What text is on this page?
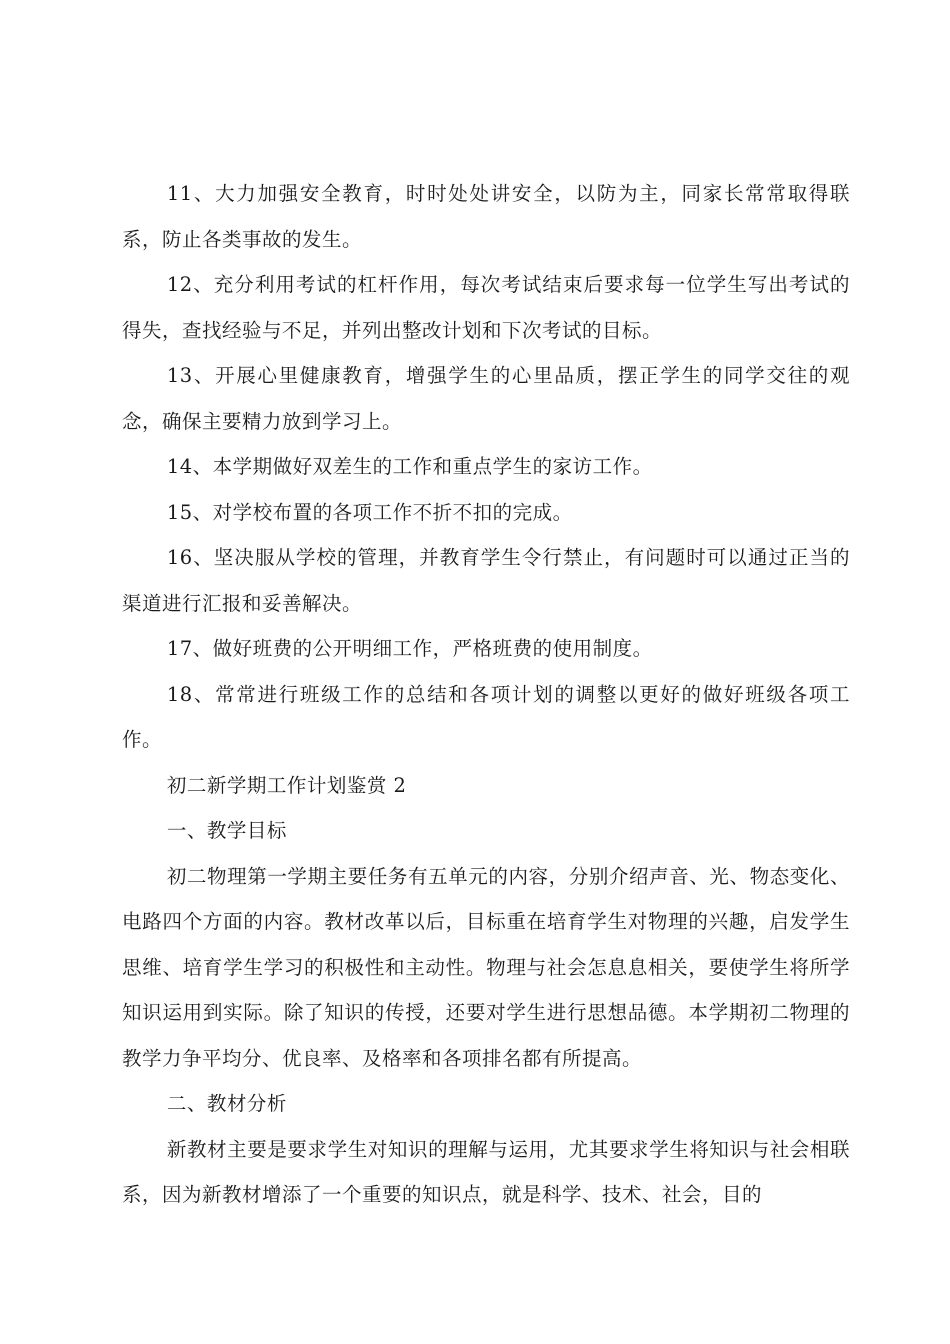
11、大力加强安全教育，时时处处讲安全，以防为主，同家长常常取得联系，防止各类事故的发生。

12、充分利用考试的杠杆作用，每次考试结束后要求每一位学生写出考试的得失，查找经验与不足，并列出整改计划和下次考试的目标。

13、开展心里健康教育，增强学生的心里品质，摆正学生的同学交往的观念，确保主要精力放到学习上。

14、本学期做好双差生的工作和重点学生的家访工作。

15、对学校布置的各项工作不折不扣的完成。

16、坚决服从学校的管理，并教育学生令行禁止，有问题时可以通过正当的渠道进行汇报和妥善解决。

17、做好班费的公开明细工作，严格班费的使用制度。

18、常常进行班级工作的总结和各项计划的调整以更好的做好班级各项工作。

初二新学期工作计划鉴赏 2

一、教学目标

初二物理第一学期主要任务有五单元的内容，分别介绍声音、光、物态变化、电路四个方面的内容。教材改革以后，目标重在培育学生对物理的兴趣，启发学生思维、培育学生学习的积极性和主动性。物理与社会怎息息相关，要使学生将所学知识运用到实际。除了知识的传授，还要对学生进行思想品德。本学期初二物理的教学力争平均分、优良率、及格率和各项排名都有所提高。

二、教材分析

新教材主要是要求学生对知识的理解与运用，尤其要求学生将知识与社会相联系，因为新教材增添了一个重要的知识点，就是科学、技术、社会，目的
